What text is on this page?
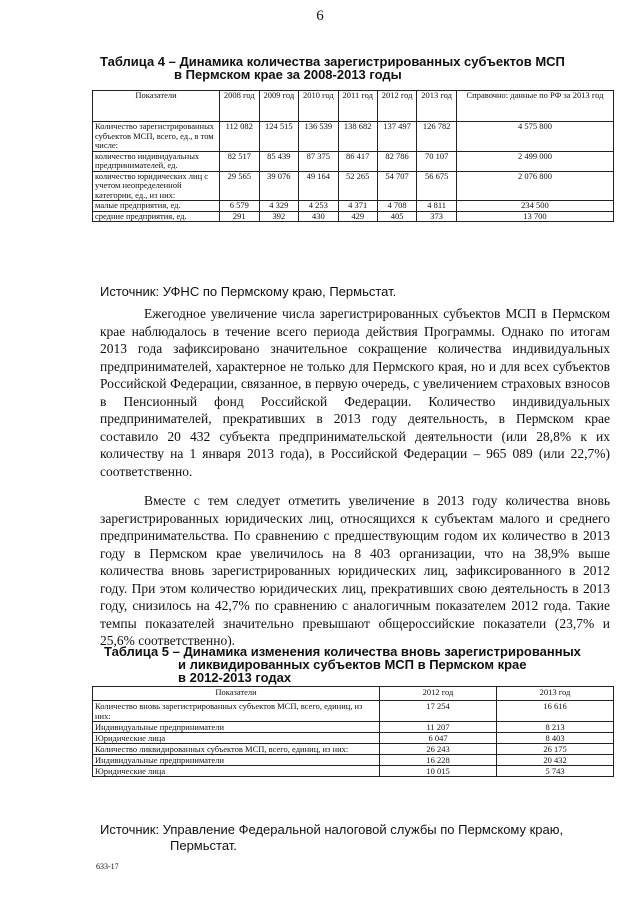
6
Таблица 4 – Динамика количества зарегистрированных субъектов МСП
в Пермском крае за 2008-2013 годы
Показатели	2008 год	2009 год	2010 год	2011 год	2012 год	2013 год	Справочно: данные по РФ за 2013 год
Количество зарегистрированных субъектов МСП, всего, ед., в том числе:	112 082	124 515	136 539	138 682	137 497	126 782	4 575 800
количество индивидуальных предпринимателей, ед.	82 517	85 439	87 375	86 417	82 786	70 107	2 499 000
количество юридических лиц с учетом неопределенной категории, ед., из них:	29 565	39 076	49 164	52 265	54 707	56 675	2 076 800
малые предприятия, ед.	6 579	4 329	4 253	4 371	4 708	4 811	234 500
средние предприятия, ед.	291	392	430	429	405	373	13 700
Источник: УФНС по Пермскому краю, Пермьстат.

Ежегодное увеличение числа зарегистрированных субъектов МСП в Пермском крае наблюдалось в течение всего периода действия Программы. Однако по итогам 2013 года зафиксировано значительное сокращение количества индивидуальных предпринимателей, характерное не только для Пермского края, но и для всех субъектов Российской Федерации, связанное, в первую очередь, с увеличением страховых взносов в Пенсионный фонд Российской Федерации. Количество индивидуальных предпринимателей, прекративших в 2013 году деятельность, в Пермском крае составило 20 432 субъекта предпринимательской деятельности (или 28,8% к их количеству на 1 января 2013 года), в Российской Федерации – 965 089 (или 22,7%) соответственно.

Вместе с тем следует отметить увеличение в 2013 году количества вновь зарегистрированных юридических лиц, относящихся к субъектам малого и среднего предпринимательства. По сравнению с предшествующим годом их количество в 2013 году в Пермском крае увеличилось на 8 403 организации, что на 38,9% выше количества вновь зарегистрированных юридических лиц, зафиксированного в 2012 году. При этом количество юридических лиц, прекративших свою деятельность в 2013 году, снизилось на 42,7% по сравнению с аналогичным показателем 2012 года. Такие темпы показателей значительно превышают общероссийские показатели (23,7% и 25,6% соответственно).

Таблица 5 – Динамика изменения количества вновь зарегистрированных
и ликвидированных субъектов МСП в Пермском крае
в 2012-2013 годах
Показатели	2012 год	2013 год
Количество вновь зарегистрированных субъектов МСП, всего, единиц, из них:	17 254	16 616
Индивидуальные предприниматели	11 207	8 213
Юридические лица	6 047	8 403
Количество ликвидированных субъектов МСП, всего, единиц, из них:	26 243	26 175
Индивидуальные предприниматели	16 228	20 432
Юридические лица	10 015	5 743
Источник: Управление Федеральной налоговой службы по Пермскому краю,
Пермьстат.
633-17
